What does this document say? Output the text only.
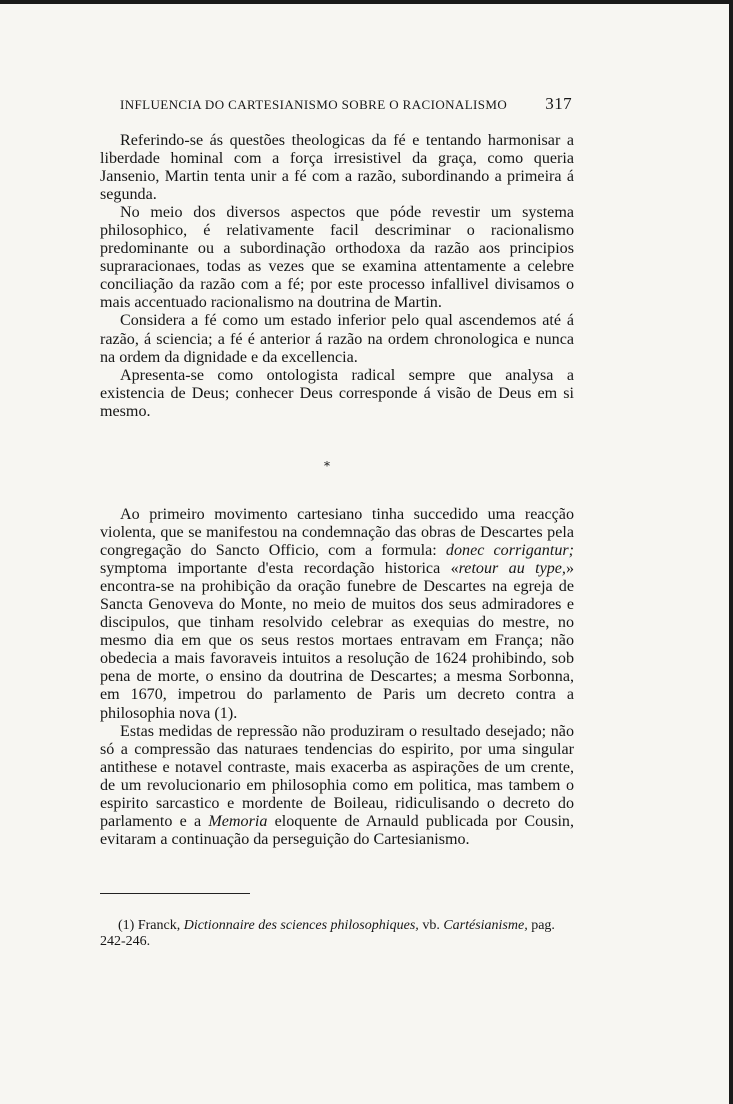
INFLUENCIA DO CARTESIANISMO SOBRE O RACIONALISMO 317

Referindo-se ás questões theologicas da fé e tentando harmonisar a liberdade hominal com a força irresistivel da graça, como queria Jansenio, Martin tenta unir a fé com a razão, subordinando a primeira á segunda.

No meio dos diversos aspectos que póde revestir um systema philosophico, é relativamente facil descriminar o racionalismo predominante ou a subordinação orthodoxa da razão aos principios supraracionaes, todas as vezes que se examina attentamente a celebre conciliação da razão com a fé; por este processo infallivel divisamos o mais accentuado racionalismo na doutrina de Martin.

Considera a fé como um estado inferior pelo qual ascendemos até á razão, á sciencia; a fé é anterior á razão na ordem chronologica e nunca na ordem da dignidade e da excellencia.

Apresenta-se como ontologista radical sempre que analysa a existencia de Deus; conhecer Deus corresponde á visão de Deus em si mesmo.

*

Ao primeiro movimento cartesiano tinha succedido uma reacção violenta, que se manifestou na condemnação das obras de Descartes pela congregação do Sancto Officio, com a formula: donec corrigantur; symptoma importante d'esta recordação historica «retour au type,» encontra-se na prohibição da oração funebre de Descartes na egreja de Sancta Genoveva do Monte, no meio de muitos dos seus admiradores e discipulos, que tinham resolvido celebrar as exequias do mestre, no mesmo dia em que os seus restos mortaes entravam em França; não obedecia a mais favoraveis intuitos a resolução de 1624 prohibindo, sob pena de morte, o ensino da doutrina de Descartes; a mesma Sorbonna, em 1670, impetrou do parlamento de Paris um decreto contra a philosophia nova (1).

Estas medidas de repressão não produziram o resultado desejado; não só a compressão das naturaes tendencias do espirito, por uma singular antithese e notavel contraste, mais exacerba as aspirações de um crente, de um revolucionario em philosophia como em politica, mas tambem o espirito sarcastico e mordente de Boileau, ridiculisando o decreto do parlamento e a Memoria eloquente de Arnauld publicada por Cousin, evitaram a continuação da perseguição do Cartesianismo.

(1) Franck, Dictionnaire des sciences philosophiques, vb. Cartésianisme, pag. 242-246.
